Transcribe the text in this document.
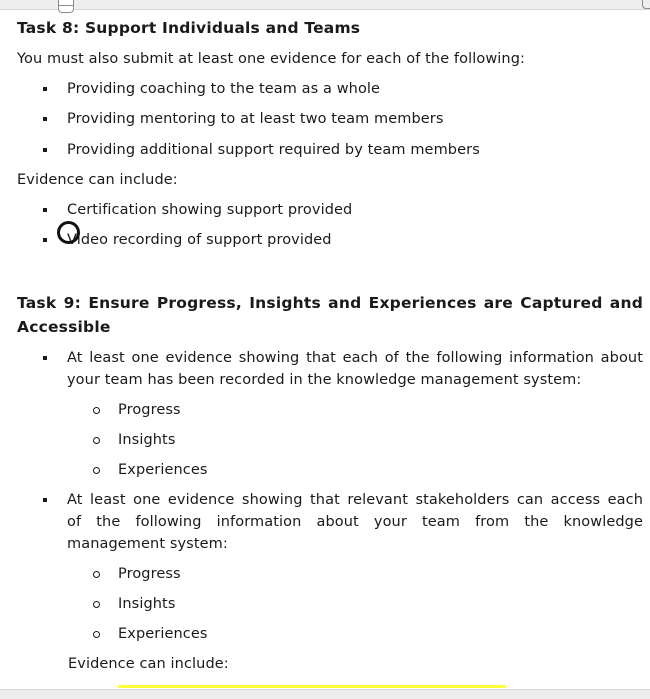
Task 8: Support Individuals and Teams

You must also submit at least one evidence for each of the following:

Providing coaching to the team as a whole
Providing mentoring to at least two team members
Providing additional support required by team members

Evidence can include:

Certification showing support provided
Video recording of support provided
Task 9: Ensure Progress, Insights and Experiences are Captured and
Accessible
At least one evidence showing that each of the following information about
your team has been recorded in the knowledge management system:
Progress
Insights
Experiences
At least one evidence showing that relevant stakeholders can access each
of the following information about your team from the knowledge
management system:
Progress
Insights
Experiences

Evidence can include:
